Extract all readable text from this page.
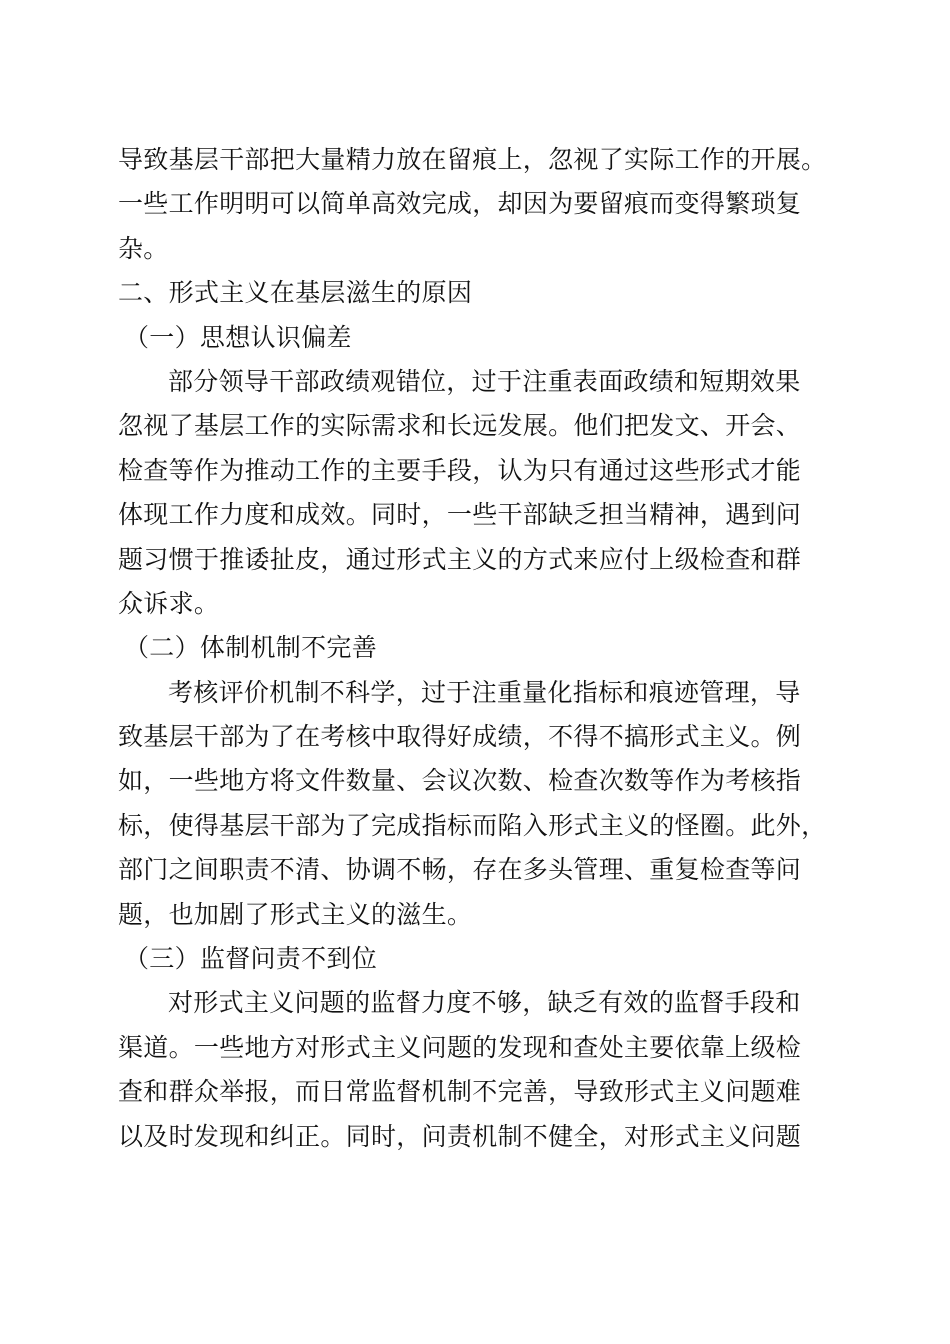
导致基层干部把大量精力放在留痕上，忽视了实际工作的开展。
一些工作明明可以简单高效完成，却因为要留痕而变得繁琐复
杂。
二、形式主义在基层滋生的原因
（一）思想认识偏差
部分领导干部政绩观错位，过于注重表面政绩和短期效果
忽视了基层工作的实际需求和长远发展。他们把发文、开会、
检查等作为推动工作的主要手段，认为只有通过这些形式才能
体现工作力度和成效。同时，一些干部缺乏担当精神，遇到问
题习惯于推诿扯皮，通过形式主义的方式来应付上级检查和群
众诉求。
（二）体制机制不完善
考核评价机制不科学，过于注重量化指标和痕迹管理，导
致基层干部为了在考核中取得好成绩，不得不搞形式主义。例
如，一些地方将文件数量、会议次数、检查次数等作为考核指
标，使得基层干部为了完成指标而陷入形式主义的怪圈。此外，
部门之间职责不清、协调不畅，存在多头管理、重复检查等问
题，也加剧了形式主义的滋生。
（三）监督问责不到位
对形式主义问题的监督力度不够，缺乏有效的监督手段和
渠道。一些地方对形式主义问题的发现和查处主要依靠上级检
查和群众举报，而日常监督机制不完善，导致形式主义问题难
以及时发现和纠正。同时，问责机制不健全，对形式主义问题
